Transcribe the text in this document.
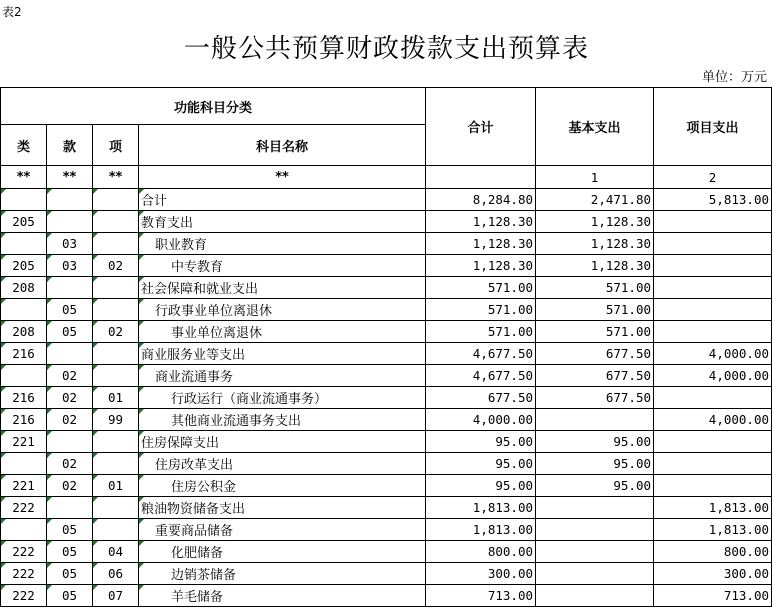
表2
一般公共预算财政拨款支出预算表
单位：万元
功能科目分类				合计	基本支出	项目支出
类	款	项	科目名称			
**	**	**	**		1	2
			合计	8,284.80	2,471.80	5,813.00
205			教育支出	1,128.30	1,128.30	
	03		职业教育	1,128.30	1,128.30	
205	03	02	中专教育	1,128.30	1,128.30	
208			社会保障和就业支出	571.00	571.00	
	05		行政事业单位离退休	571.00	571.00	
208	05	02	事业单位离退休	571.00	571.00	
216			商业服务业等支出	4,677.50	677.50	4,000.00
	02		商业流通事务	4,677.50	677.50	4,000.00
216	02	01	行政运行（商业流通事务）	677.50	677.50	
216	02	99	其他商业流通事务支出	4,000.00		4,000.00
221			住房保障支出	95.00	95.00	
	02		住房改革支出	95.00	95.00	
221	02	01	住房公积金	95.00	95.00	
222			粮油物资储备支出	1,813.00		1,813.00
	05		重要商品储备	1,813.00		1,813.00
222	05	04	化肥储备	800.00		800.00
222	05	06	边销茶储备	300.00		300.00
222	05	07	羊毛储备	713.00		713.00
